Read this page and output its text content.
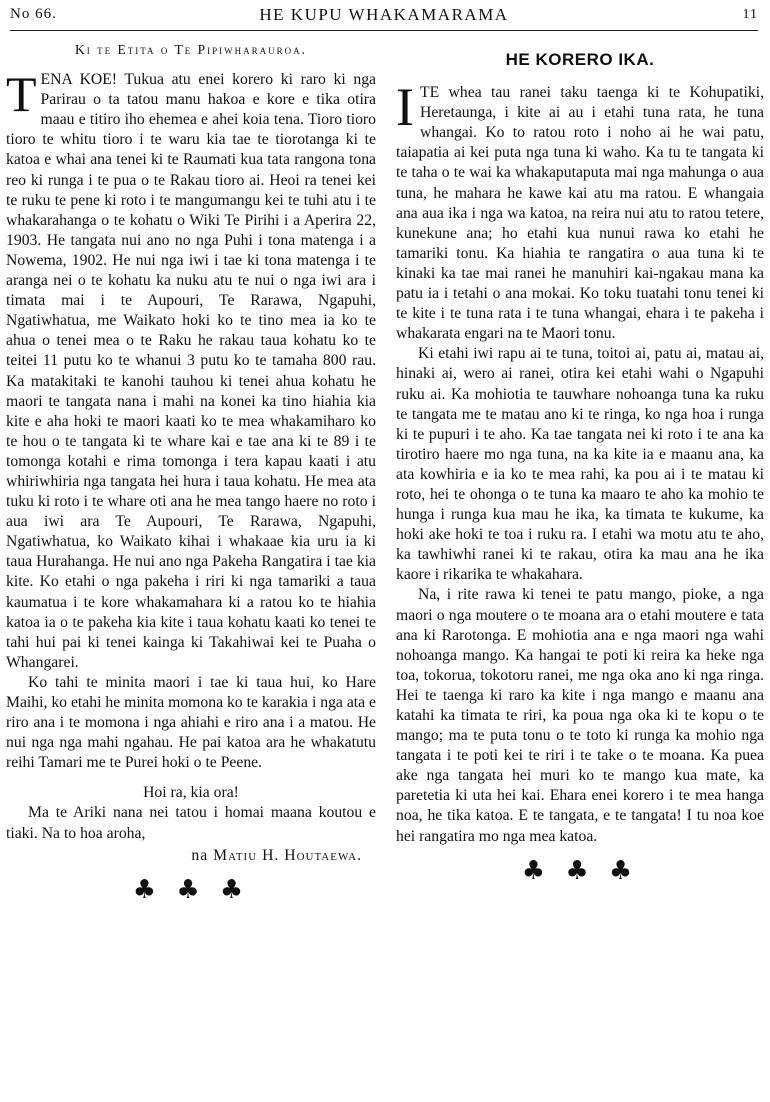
No 66.	HE KUPU WHAKAMARAMA	11
Ki te Etita o Te Pipiwharauroa.

TENA KOE! Tukua atu enei korero ki raro ki nga Parirau o ta tatou manu hakoa e kore e tika otira maau e titiro iho ehemea e ahei koia tena. Tioro tioro tioro te whitu tioro i te waru kia tae te tiorotanga ki te katoa e whai ana tenei ki te Raumati kua tata rangona tona reo ki runga i te pua o te Rakau tioro ai. Heoi ra tenei kei te ruku te pene ki roto i te mangumangu kei te tuhi atu i te whakarahanga o te kohatu o Wiki Te Pirihi i a Aperira 22, 1903. He tangata nui ano no nga Puhi i tona matenga i a Nowema, 1902. He nui nga iwi i tae ki tona matenga i te aranga nei o te kohatu ka nuku atu te nui o nga iwi ara i timata mai i te Aupouri, Te Rarawa, Ngapuhi, Ngatiwhatua, me Waikato hoki ko te tino mea ia ko te ahua o tenei mea o te Raku he rakau taua kohatu ko te teitei 11 putu ko te whanui 3 putu ko te tamaha 800 rau. Ka matakitaki te kanohi tauhou ki tenei ahua kohatu he maori te tangata nana i mahi na konei ka tino hiahia kia kite e aha hoki te maori kaati ko te mea whakamiharo ko te hou o te tangata ki te whare kai e tae ana ki te 89 i te tomonga kotahi e rima tomonga i tera kapau kaati i atu whiriwhiria nga tangata hei hura i taua kohatu. He mea ata tuku ki roto i te whare oti ana he mea tango haere no roto i aua iwi ara Te Aupouri, Te Rarawa, Ngapuhi, Ngatiwhatua, ko Waikato kihai i whakaae kia uru ia ki taua Hurahanga. He nui ano nga Pakeha Rangatira i tae kia kite. Ko etahi o nga pakeha i riri ki nga tamariki a taua kaumatua i te kore whakamahara ki a ratou ko te hiahia katoa ia o te pakeha kia kite i taua kohatu kaati ko tenei te tahi hui pai ki tenei kainga ki Takahiwai kei te Puaha o Whangarei.

Ko tahi te minita maori i tae ki taua hui, ko Hare Maihi, ko etahi he minita momona ko te karakia i nga ata e riro ana i te momona i nga ahiahi e riro ana i a matou. He nui nga nga mahi ngahau. He pai katoa ara he whakatutu reihi Tamari me te Purei hoki o te Peene.

Hoi ra, kia ora!

Ma te Ariki nana nei tatou i homai maana koutou e tiaki. Na to hoa aroha,

na Matiu H. Houtaewa.

♣ ♣ ♣
HE KORERO IKA.

ITE whea tau ranei taku taenga ki te Kohupatiki, Heretaunga, i kite ai au i etahi tuna rata, he tuna whangai. Ko to ratou roto i noho ai he wai patu, taiapatia ai kei puta nga tuna ki waho. Ka tu te tangata ki te taha o te wai ka whakaputaputa mai nga mahunga o aua tuna, he mahara he kawe kai atu ma ratou. E whangaia ana aua ika i nga wa katoa, na reira nui atu to ratou tetere, kunekune ana; ho etahi kua nunui rawa ko etahi he tamariki tonu. Ka hiahia te rangatira o aua tuna ki te kinaki ka tae mai ranei he manuhiri kai-ngakau mana ka patu ia i tetahi o ana mokai. Ko toku tuatahi tonu tenei ki te kite i te tuna rata i te tuna whangai, ehara i te pakeha i whakarata engari na te Maori tonu.

Ki etahi iwi rapu ai te tuna, toitoi ai, patu ai, matau ai, hinaki ai, wero ai ranei, otira kei etahi wahi o Ngapuhi ruku ai. Ka mohiotia te tauwhare nohoanga tuna ka ruku te tangata me te matau ano ki te ringa, ko nga hoa i runga ki te pupuri i te aho. Ka tae tangata nei ki roto i te ana ka tirotiro haere mo nga tuna, na ka kite ia e maanu ana, ka ata kowhiria e ia ko te mea rahi, ka pou ai i te matau ki roto, hei te ohonga o te tuna ka maaro te aho ka mohio te hunga i runga kua mau he ika, ka timata te kukume, ka hoki ake hoki te toa i ruku ra. I etahi wa motu atu te aho, ka tawhiwhi ranei ki te rakau, otira ka mau ana he ika kaore i rikarika te whakahara.

Na, i rite rawa ki tenei te patu mango, pioke, a nga maori o nga moutere o te moana ara o etahi moutere e tata ana ki Rarotonga. E mohiotia ana e nga maori nga wahi nohoanga mango. Ka hangai te poti ki reira ka heke nga toa, tokorua, tokotoru ranei, me nga oka ano ki nga ringa. Hei te taenga ki raro ka kite i nga mango e maanu ana katahi ka timata te riri, ka poua nga oka ki te kopu o te mango; ma te puta tonu o te toto ki runga ka mohio nga tangata i te poti kei te riri i te take o te moana. Ka puea ake nga tangata hei muri ko te mango kua mate, ka paretetia ki uta hei kai. Ehara enei korero i te mea hanga noa, he tika katoa. E te tangata, e te tangata! I tu noa koe hei rangatira mo nga mea katoa.

♣ ♣ ♣
